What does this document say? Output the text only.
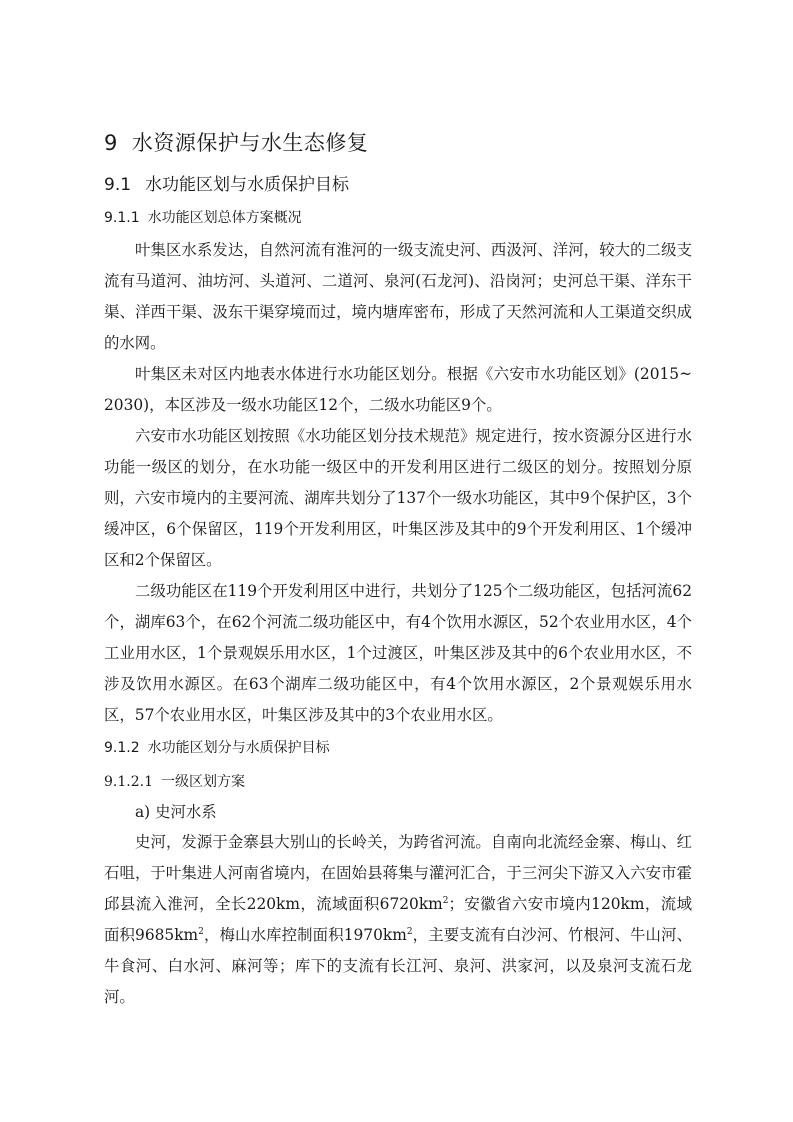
9 水资源保护与水生态修复
9.1 水功能区划与水质保护目标
9.1.1 水功能区划总体方案概况
叶集区水系发达，自然河流有淮河的一级支流史河、西汲河、洋河，较大的二级支流有马道河、油坊河、头道河、二道河、泉河(石龙河)、沿岗河；史河总干渠、洋东干渠、洋西干渠、汲东干渠穿境而过，境内塘库密布，形成了天然河流和人工渠道交织成的水网。
叶集区未对区内地表水体进行水功能区划分。根据《六安市水功能区划》(2015~2030)，本区涉及一级水功能区12个，二级水功能区9个。
六安市水功能区划按照《水功能区划分技术规范》规定进行，按水资源分区进行水功能一级区的划分，在水功能一级区中的开发利用区进行二级区的划分。按照划分原则，六安市境内的主要河流、湖库共划分了137个一级水功能区，其中9个保护区，3个缓冲区，6个保留区，119个开发利用区，叶集区涉及其中的9个开发利用区、1个缓冲区和2个保留区。
二级功能区在119个开发利用区中进行，共划分了125个二级功能区，包括河流62个，湖库63个，在62个河流二级功能区中，有4个饮用水源区，52个农业用水区，4个工业用水区，1个景观娱乐用水区，1个过渡区，叶集区涉及其中的6个农业用水区，不涉及饮用水源区。在63个湖库二级功能区中，有4个饮用水源区，2个景观娱乐用水区，57个农业用水区，叶集区涉及其中的3个农业用水区。
9.1.2 水功能区划分与水质保护目标
9.1.2.1 一级区划方案
a) 史河水系
史河，发源于金寨县大别山的长岭关，为跨省河流。自南向北流经金寨、梅山、红石咀，于叶集进人河南省境内，在固始县蒋集与灌河汇合，于三河尖下游又入六安市霍邱县流入淮河，全长220km，流域面积$6720km^2$；安徽省六安市境内120km，流域面积$9685km^2$，梅山水库控制面积$1970km^2$，主要支流有白沙河、竹根河、牛山河、牛食河、白水河、麻河等；库下的支流有长江河、泉河、洪家河，以及泉河支流石龙河。
